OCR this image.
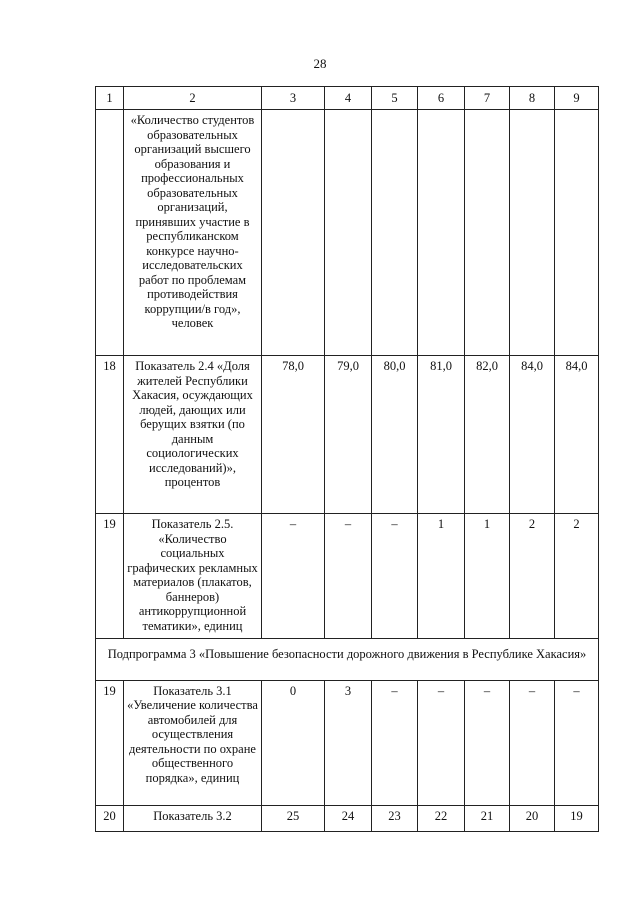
28
1	2	3	4	5	6	7	8	9
	«Количество студентов образовательных организаций высшего образования и профессиональных образовательных организаций, принявших участие в республиканском конкурсе научно-исследовательских работ по проблемам противодействия коррупции/в год», человек							
18	Показатель 2.4 «Доля жителей Республики Хакасия, осуждающих людей, дающих или берущих взятки (по данным социологических исследований)», процентов	78,0	79,0	80,0	81,0	82,0	84,0	84,0
19	Показатель 2.5. «Количество социальных графических рекламных материалов (плакатов, баннеров) антикоррупционной тематики», единиц	–	–	–	1	1	2	2
Подпрограмма 3 «Повышение безопасности дорожного движения в Республике Хакасия»								
19	Показатель 3.1 «Увеличение количества автомобилей для осуществления деятельности по охране общественного порядка», единиц	0	3	–	–	–	–	–
20	Показатель 3.2	25	24	23	22	21	20	19
